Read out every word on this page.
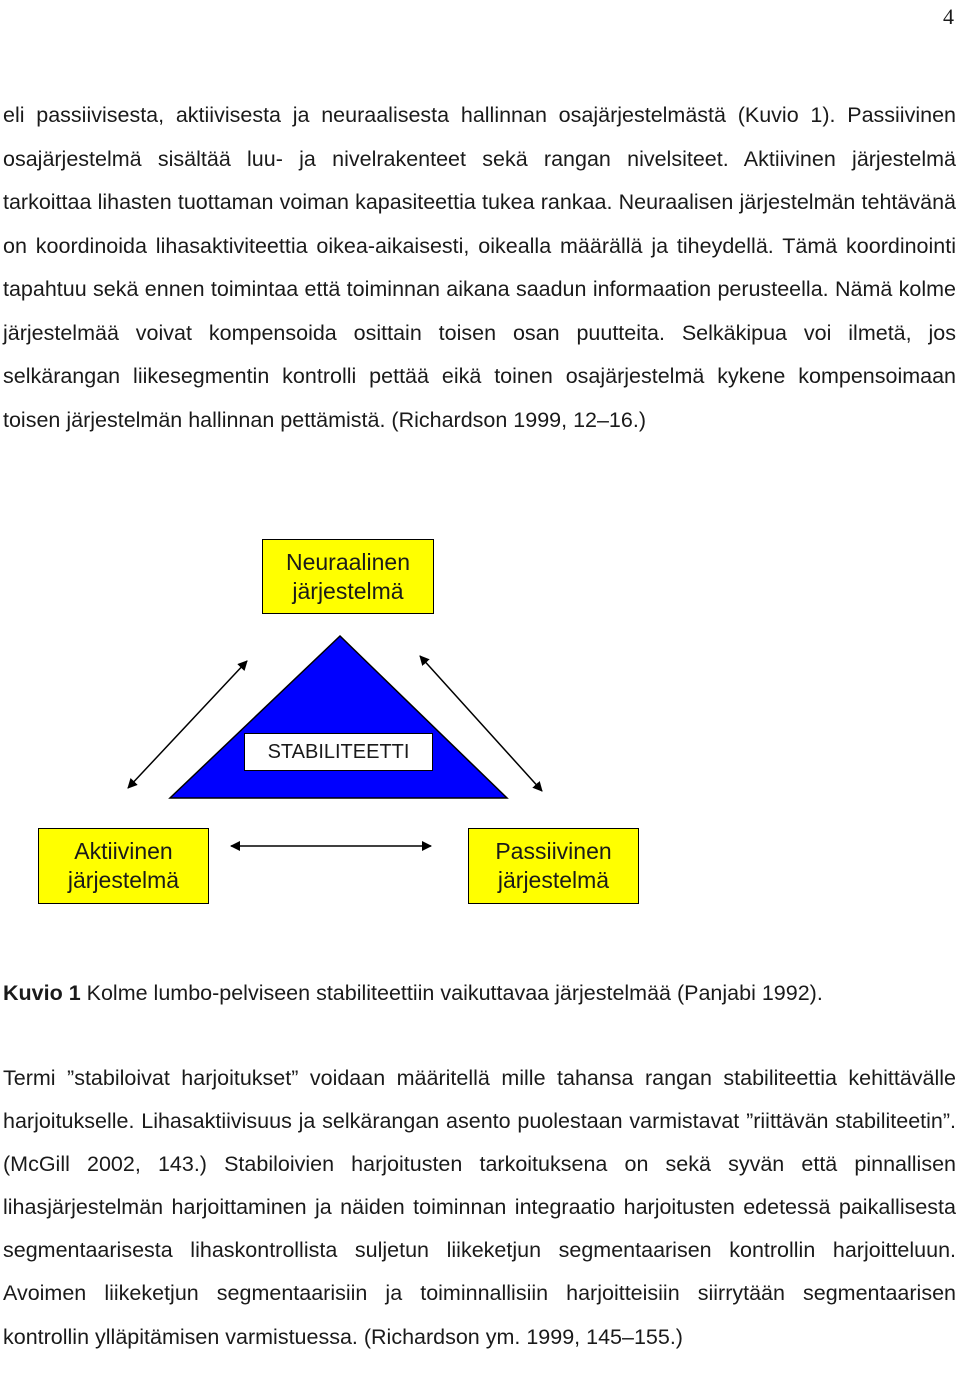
4

eli passiivisesta, aktiivisesta ja neuraalisesta hallinnan osajärjestelmästä (Kuvio 1). Passiivinen osajärjestelmä sisältää luu- ja nivelrakenteet sekä rangan nivelsiteet. Aktiivinen järjestelmä tarkoittaa lihasten tuottaman voiman kapasiteettia tukea rankaa. Neuraalisen järjestelmän tehtävänä on koordinoida lihasaktiviteettia oikea-aikaisesti, oikealla määrällä ja tiheydellä. Tämä koordinointi tapahtuu sekä ennen toimintaa että toiminnan aikana saadun informaation perusteella. Nämä kolme järjestelmää voivat kompensoida osittain toisen osan puutteita. Selkäkipua voi ilmetä, jos selkärangan liikesegmentin kontrolli pettää eikä toinen osajärjestelmä kykene kompensoimaan toisen järjestelmän hallinnan pettämistä. (Richardson 1999, 12–16.)

Neuraalinen
järjestelmä
STABILITEETTI
Aktiivinen
järjestelmä
Passiivinen
järjestelmä
Kuvio 1 Kolme lumbo-pelviseen stabiliteettiin vaikuttavaa järjestelmää (Panjabi 1992).

Termi ”stabiloivat harjoitukset” voidaan määritellä mille tahansa rangan stabiliteettia kehittävälle harjoitukselle. Lihasaktiivisuus ja selkärangan asento puolestaan varmistavat ”riittävän stabiliteetin”. (McGill 2002, 143.) Stabiloivien harjoitusten tarkoituksena on sekä syvän että pinnallisen lihasjärjestelmän harjoittaminen ja näiden toiminnan integraatio harjoitusten edetessä paikallisesta segmentaarisesta lihaskontrollista suljetun liikeketjun segmentaarisen kontrollin harjoitteluun. Avoimen liikeketjun segmentaarisiin ja toiminnallisiin harjoitteisiin siirrytään segmentaarisen kontrollin ylläpitämisen varmistuessa. (Richardson ym. 1999, 145–155.)
